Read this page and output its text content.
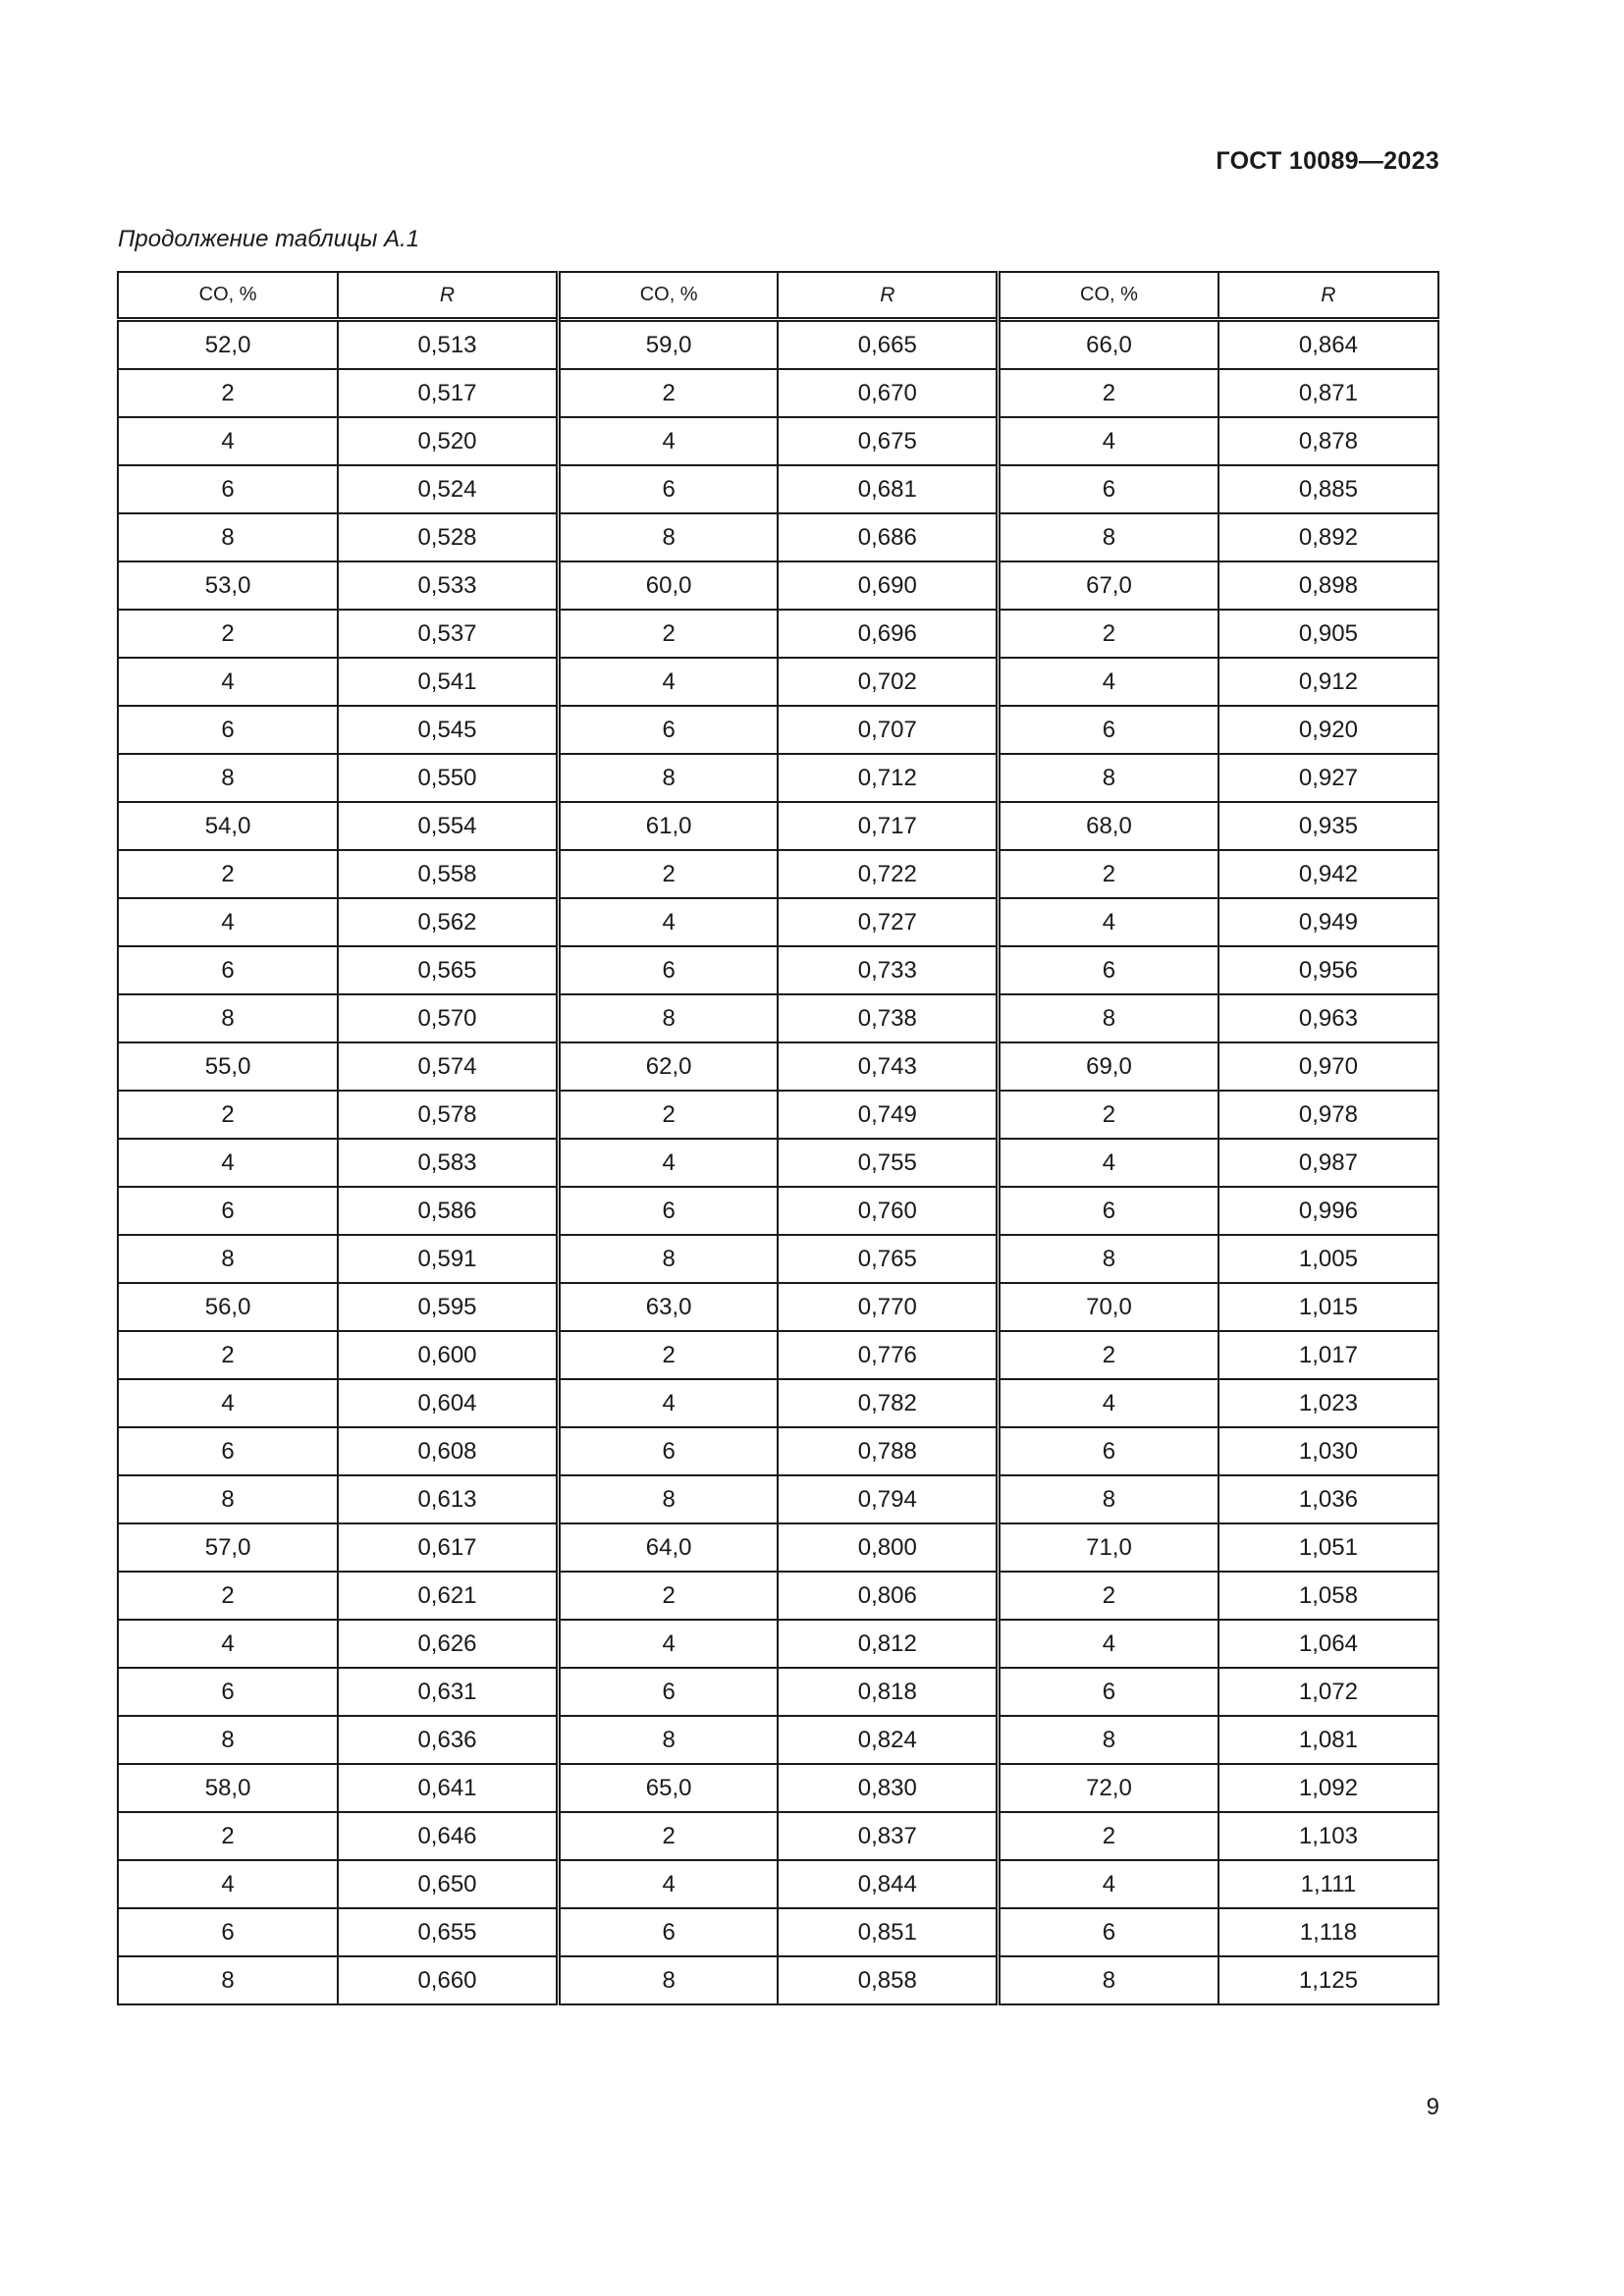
ГОСТ 10089—2023
Продолжение таблицы А.1
CO, %	R	CO, %	R	CO, %	R
52,0	0,513	59,0	0,665	66,0	0,864
2	0,517	2	0,670	2	0,871
4	0,520	4	0,675	4	0,878
6	0,524	6	0,681	6	0,885
8	0,528	8	0,686	8	0,892
53,0	0,533	60,0	0,690	67,0	0,898
2	0,537	2	0,696	2	0,905
4	0,541	4	0,702	4	0,912
6	0,545	6	0,707	6	0,920
8	0,550	8	0,712	8	0,927
54,0	0,554	61,0	0,717	68,0	0,935
2	0,558	2	0,722	2	0,942
4	0,562	4	0,727	4	0,949
6	0,565	6	0,733	6	0,956
8	0,570	8	0,738	8	0,963
55,0	0,574	62,0	0,743	69,0	0,970
2	0,578	2	0,749	2	0,978
4	0,583	4	0,755	4	0,987
6	0,586	6	0,760	6	0,996
8	0,591	8	0,765	8	1,005
56,0	0,595	63,0	0,770	70,0	1,015
2	0,600	2	0,776	2	1,017
4	0,604	4	0,782	4	1,023
6	0,608	6	0,788	6	1,030
8	0,613	8	0,794	8	1,036
57,0	0,617	64,0	0,800	71,0	1,051
2	0,621	2	0,806	2	1,058
4	0,626	4	0,812	4	1,064
6	0,631	6	0,818	6	1,072
8	0,636	8	0,824	8	1,081
58,0	0,641	65,0	0,830	72,0	1,092
2	0,646	2	0,837	2	1,103
4	0,650	4	0,844	4	1,111
6	0,655	6	0,851	6	1,118
8	0,660	8	0,858	8	1,125
9
